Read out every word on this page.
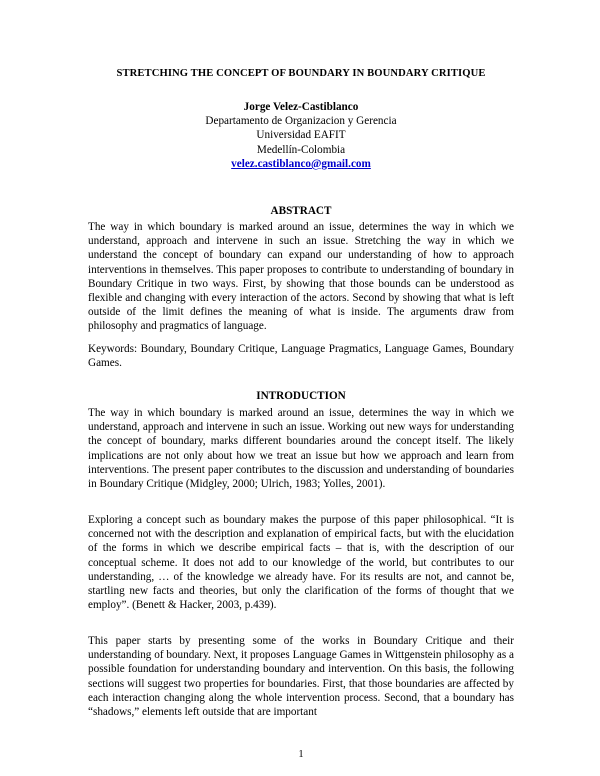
STRETCHING THE CONCEPT OF BOUNDARY IN BOUNDARY CRITIQUE
Jorge Velez-Castiblanco
Departamento de Organizacion y Gerencia
Universidad EAFIT
Medellín-Colombia
velez.castiblanco@gmail.com
ABSTRACT
The way in which boundary is marked around an issue, determines the way in which we understand, approach and intervene in such an issue. Stretching the way in which we understand the concept of boundary can expand our understanding of how to approach interventions in themselves. This paper proposes to contribute to understanding of boundary in Boundary Critique in two ways. First, by showing that those bounds can be understood as flexible and changing with every interaction of the actors. Second by showing that what is left outside of the limit defines the meaning of what is inside. The arguments draw from philosophy and pragmatics of language.
Keywords: Boundary, Boundary Critique, Language Pragmatics, Language Games, Boundary Games.
INTRODUCTION
The way in which boundary is marked around an issue, determines the way in which we understand, approach and intervene in such an issue. Working out new ways for understanding the concept of boundary, marks different boundaries around the concept itself. The likely implications are not only about how we treat an issue but how we approach and learn from interventions. The present paper contributes to the discussion and understanding of boundaries in Boundary Critique (Midgley, 2000; Ulrich, 1983; Yolles, 2001).
Exploring a concept such as boundary makes the purpose of this paper philosophical. “It is concerned not with the description and explanation of empirical facts, but with the elucidation of the forms in which we describe empirical facts – that is, with the description of our conceptual scheme. It does not add to our knowledge of the world, but contributes to our understanding, … of the knowledge we already have. For its results are not, and cannot be, startling new facts and theories, but only the clarification of the forms of thought that we employ”. (Benett & Hacker, 2003, p.439).
This paper starts by presenting some of the works in Boundary Critique and their understanding of boundary. Next, it proposes Language Games in Wittgenstein philosophy as a possible foundation for understanding boundary and intervention. On this basis, the following sections will suggest two properties for boundaries. First, that those boundaries are affected by each interaction changing along the whole intervention process. Second, that a boundary has “shadows,” elements left outside that are important
1
